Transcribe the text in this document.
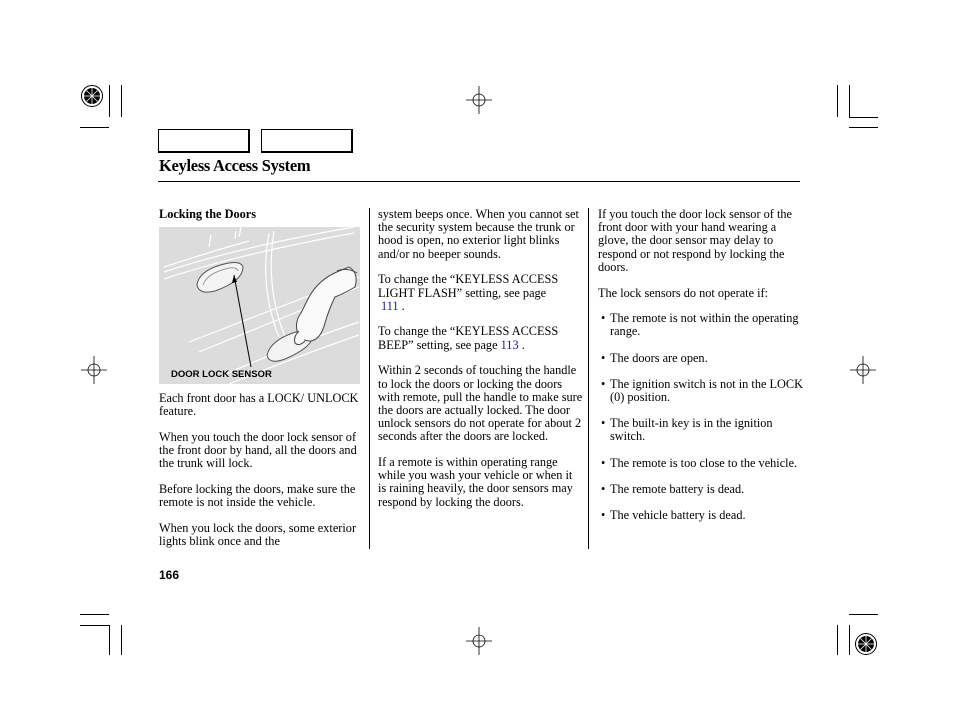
Keyless Access System
Locking the Doors
DOOR LOCK SENSOR

Each front door has a LOCK/ UNLOCK feature.

When you touch the door lock sensor of the front door by hand, all the doors and the trunk will lock.

Before locking the doors, make sure the remote is not inside the vehicle.

When you lock the doors, some exterior lights blink once and the

system beeps once. When you cannot set the security system because the trunk or hood is open, no exterior light blinks and/or no beeper sounds.

To change the “KEYLESS ACCESS LIGHT FLASH” setting, see page
111 .

To change the “KEYLESS ACCESS BEEP” setting, see page 113 .

Within 2 seconds of touching the handle to lock the doors or locking the doors with remote, pull the handle to make sure the doors are actually locked. The door unlock sensors do not operate for about 2 seconds after the doors are locked.

If a remote is within operating range while you wash your vehicle or when it is raining heavily, the door sensors may respond by locking the doors.

If you touch the door lock sensor of the front door with your hand wearing a glove, the door sensor may delay to respond or not respond by locking the doors.

The lock sensors do not operate if:

• The remote is not within the operating range.
• The doors are open.
• The ignition switch is not in the LOCK (0) position.
• The built-in key is in the ignition switch.
• The remote is too close to the vehicle.
• The remote battery is dead.
• The vehicle battery is dead.
166
